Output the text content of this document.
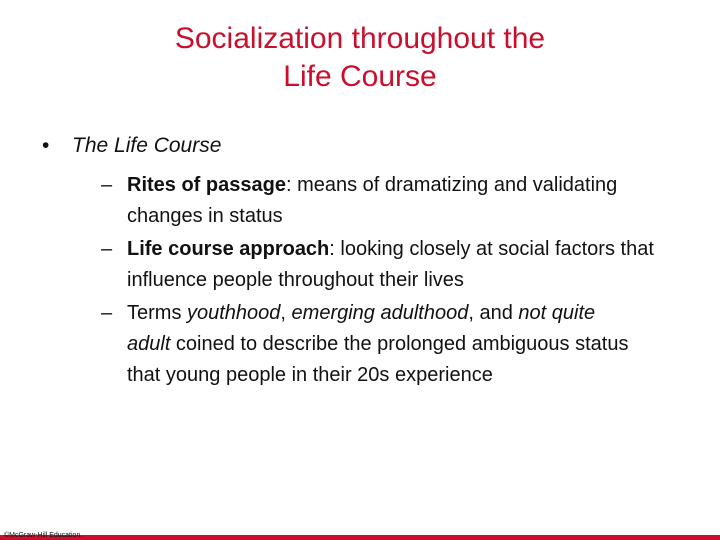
Socialization throughout the
Life Course
• The Life Course
– Rites of passage: means of dramatizing and validating
changes in status
– Life course approach: looking closely at social factors that
influence people throughout their lives
– Terms youthhood, emerging adulthood, and not quite
adult coined to describe the prolonged ambiguous status
that young people in their 20s experience
©McGraw-Hill Education.
